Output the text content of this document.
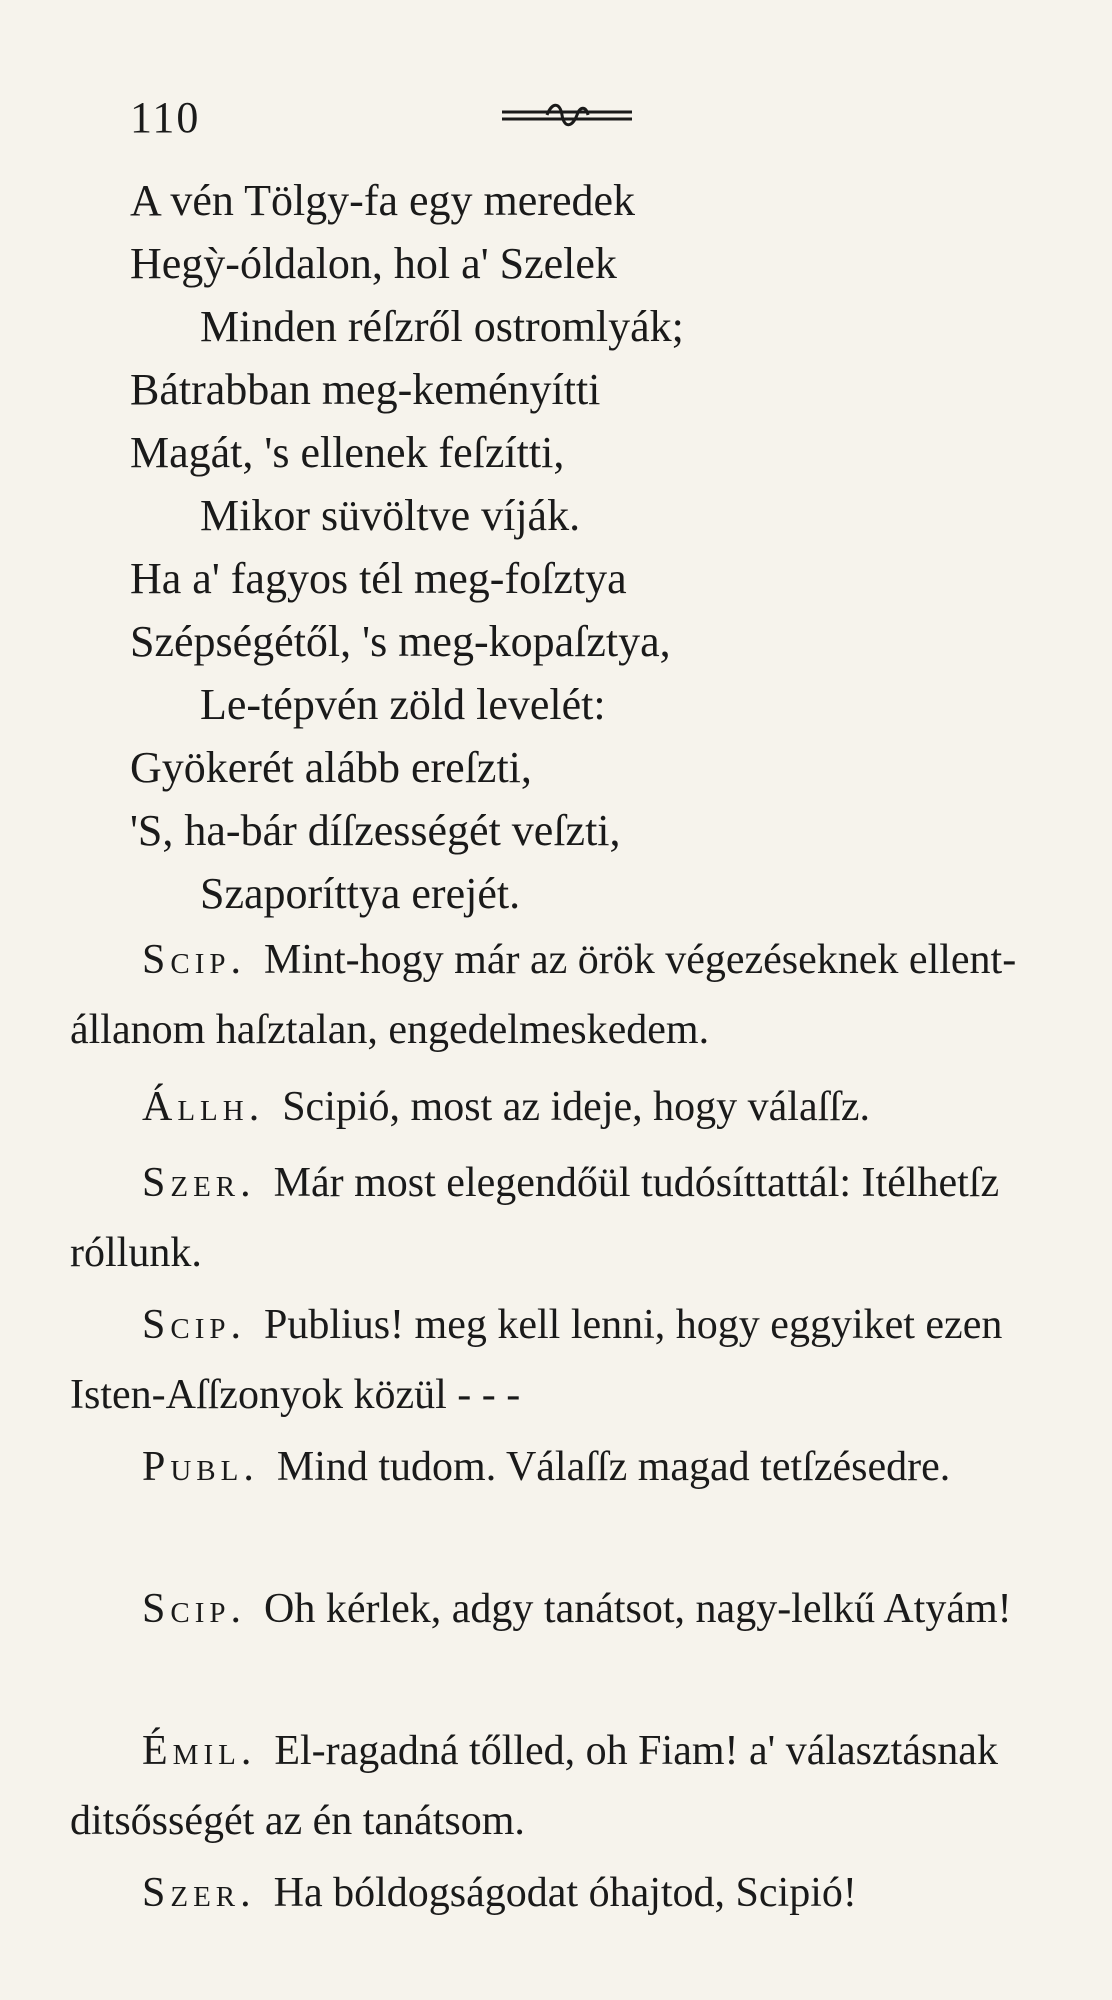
110
A vén Tölgy-fa egy meredek
Hegỳ-óldalon, hol a' Szelek
Minden réſzről ostromlyák;
Bátrabban meg-keményítti
Magát, 's ellenek feſzítti,
Mikor süvöltve víják.
Ha a' fagyos tél meg-foſztya
Szépségétől, 's meg-kopaſztya,
Le-tépvén zöld levelét:
Gyökerét alább ereſzti,
'S, ha-bár díſzességét veſzti,
Szaporíttya erejét.

Scip. Mint-hogy már az örök végezéseknek ellent-állanom haſztalan, engedelmeskedem.

Állh. Scipió, most az ideje, hogy válaſſz.

Szer. Már most elegendőül tudósíttattál: Itélhetſz róllunk.

Scip. Publius! meg kell lenni, hogy eggyiket ezen Isten-Aſſzonyok közül - - -

Publ. Mind tudom. Válaſſz magad tetſzésedre.

Scip. Oh kérlek, adgy tanátsot, nagy-lelkű Atyám!

Émil. El-ragadná tőlled, oh Fiam! a' választásnak ditsősségét az én tanátsom.

Szer. Ha bóldogságodat óhajtod, Scipió!
